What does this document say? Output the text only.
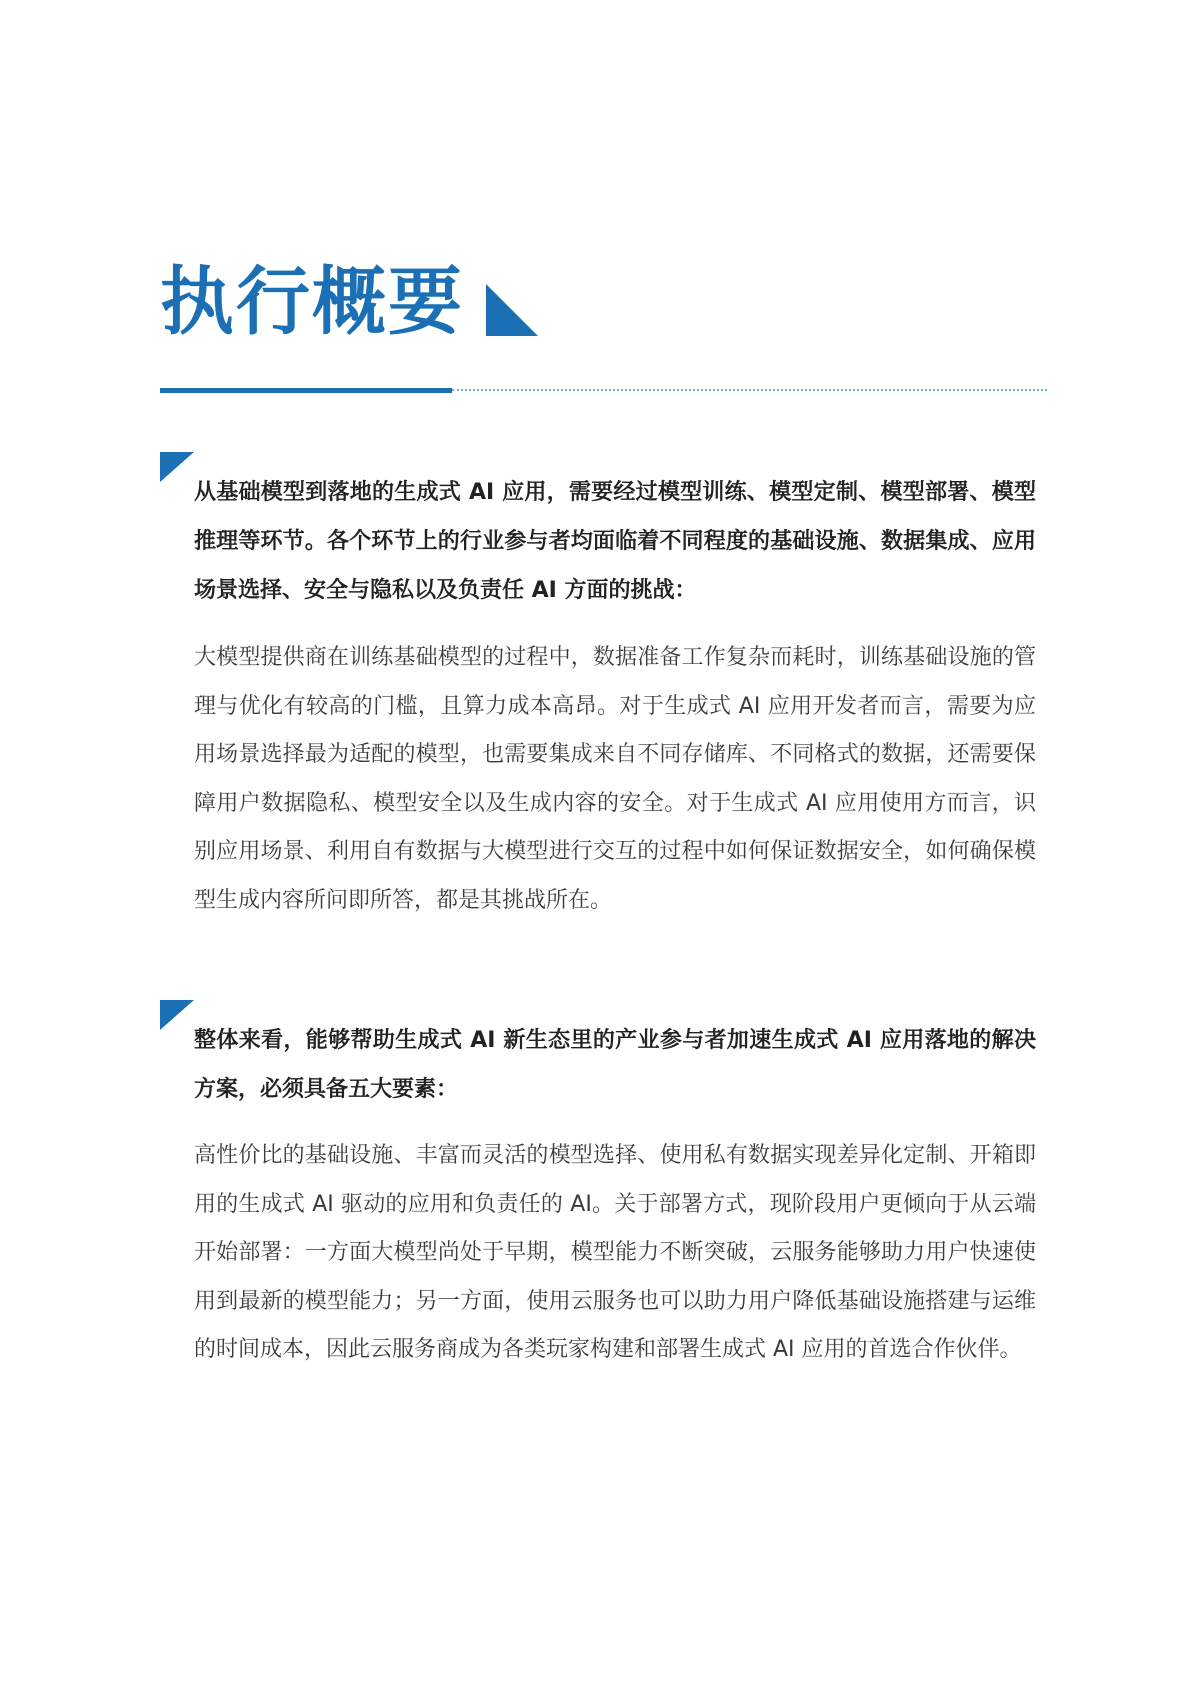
执行概要

从基础模型到落地的生成式 AI 应用，需要经过模型训练、模型定制、模型部署、模型推理等环节。各个环节上的行业参与者均面临着不同程度的基础设施、数据集成、应用场景选择、安全与隐私以及负责任 AI 方面的挑战：

大模型提供商在训练基础模型的过程中，数据准备工作复杂而耗时，训练基础设施的管理与优化有较高的门槛，且算力成本高昂。对于生成式 AI 应用开发者而言，需要为应用场景选择最为适配的模型，也需要集成来自不同存储库、不同格式的数据，还需要保障用户数据隐私、模型安全以及生成内容的安全。对于生成式 AI 应用使用方而言，识别应用场景、利用自有数据与大模型进行交互的过程中如何保证数据安全，如何确保模型生成内容所问即所答，都是其挑战所在。

整体来看，能够帮助生成式 AI 新生态里的产业参与者加速生成式 AI 应用落地的解决方案，必须具备五大要素：

高性价比的基础设施、丰富而灵活的模型选择、使用私有数据实现差异化定制、开箱即用的生成式 AI 驱动的应用和负责任的 AI。关于部署方式，现阶段用户更倾向于从云端开始部署：一方面大模型尚处于早期，模型能力不断突破，云服务能够助力用户快速使用到最新的模型能力；另一方面，使用云服务也可以助力用户降低基础设施搭建与运维的时间成本，因此云服务商成为各类玩家构建和部署生成式 AI 应用的首选合作伙伴。
